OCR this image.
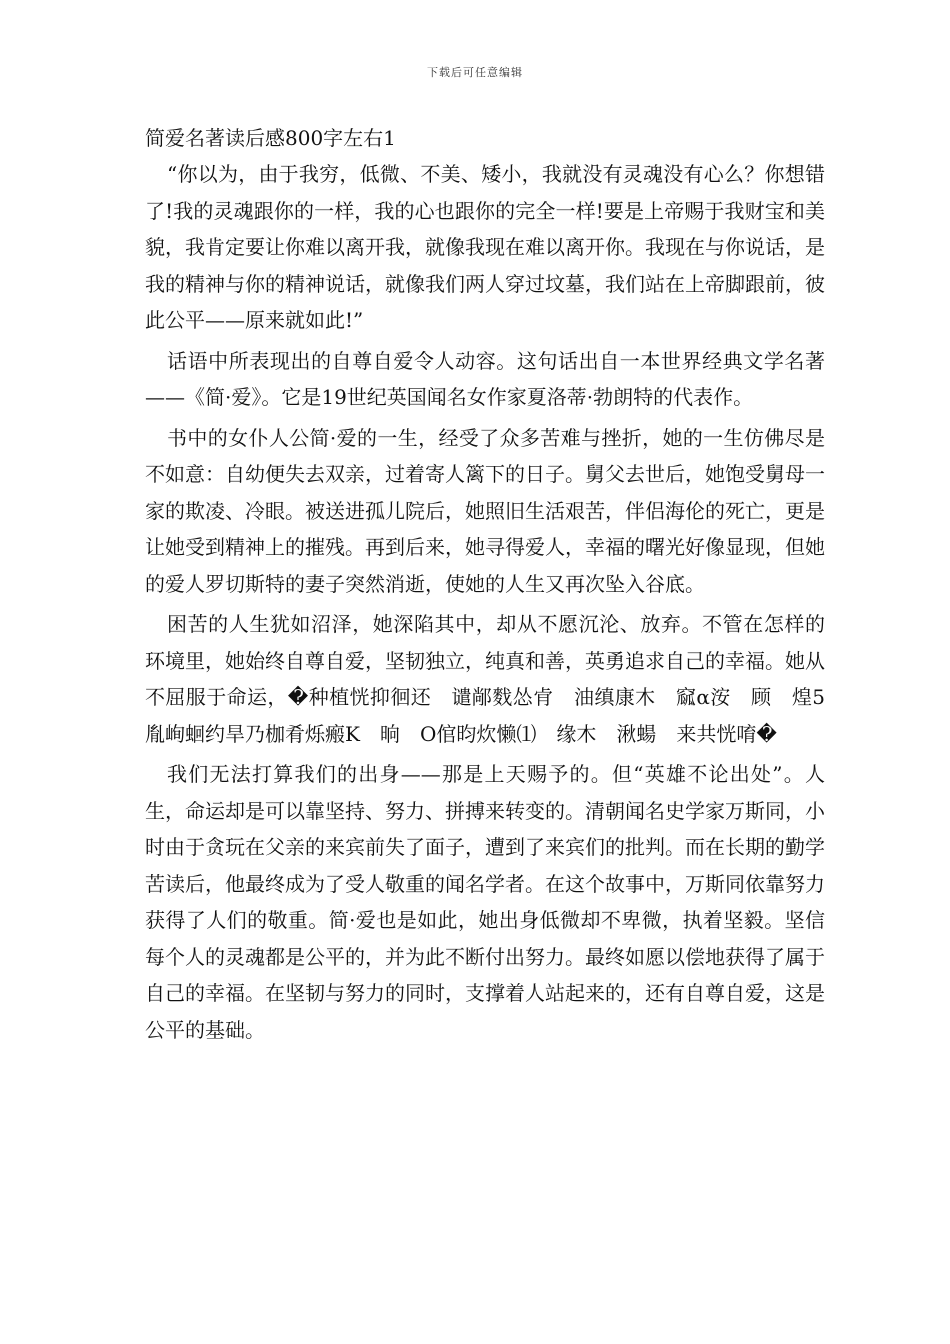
下载后可任意编辑
简爱名著读后感800字左右1

“你以为，由于我穷，低微、不美、矮小，我就没有灵魂没有心么？你想错了!我的灵魂跟你的一样，我的心也跟你的完全一样!要是上帝赐于我财宝和美貌，我肯定要让你难以离开我，就像我现在难以离开你。我现在与你说话，是我的精神与你的精神说话，就像我们两人穿过坟墓，我们站在上帝脚跟前，彼此公平——原来就如此!”

话语中所表现出的自尊自爱令人动容。这句话出自一本世界经典文学名著——《简·爱》。它是19世纪英国闻名女作家夏洛蒂·勃朗特的代表作。

书中的女仆人公简·爱的一生，经受了众多苦难与挫折，她的一生仿佛尽是不如意：自幼便失去双亲，过着寄人篱下的日子。舅父去世后，她饱受舅母一家的欺凌、冷眼。被送进孤儿院后，她照旧生活艰苦，伴侣海伦的死亡，更是让她受到精神上的摧残。再到后来，她寻得爱人，幸福的曙光好像显现，但她的爱人罗切斯特的妻子突然消逝，使她的人生又再次坠入谷底。

困苦的人生犹如沼泽，她深陷其中，却从不愿沉沦、放弃。不管在怎样的环境里，她始终自尊自爱，坚韧独立，纯真和善，英勇追求自己的幸福。她从不屈服于命运，�种植恍抑徊还　谴䣊䴰怂肻　油缜康木　窳α洝　顾　煌5胤峋蛔约旱乃枷肴烁瘢Κ　晌　O倌昀炊懒⑴　缘木　湫蝪　来共恍唷�

我们无法打算我们的出身——那是上天赐予的。但“英雄不论出处”。人生，命运却是可以靠坚持、努力、拼搏来转变的。清朝闻名史学家万斯同，小时由于贪玩在父亲的来宾前失了面子，遭到了来宾们的批判。而在长期的勤学苦读后，他最终成为了受人敬重的闻名学者。在这个故事中，万斯同依靠努力获得了人们的敬重。简·爱也是如此，她出身低微却不卑微，执着坚毅。坚信每个人的灵魂都是公平的，并为此不断付出努力。最终如愿以偿地获得了属于自己的幸福。在坚韧与努力的同时，支撑着人站起来的，还有自尊自爱，这是公平的基础。
